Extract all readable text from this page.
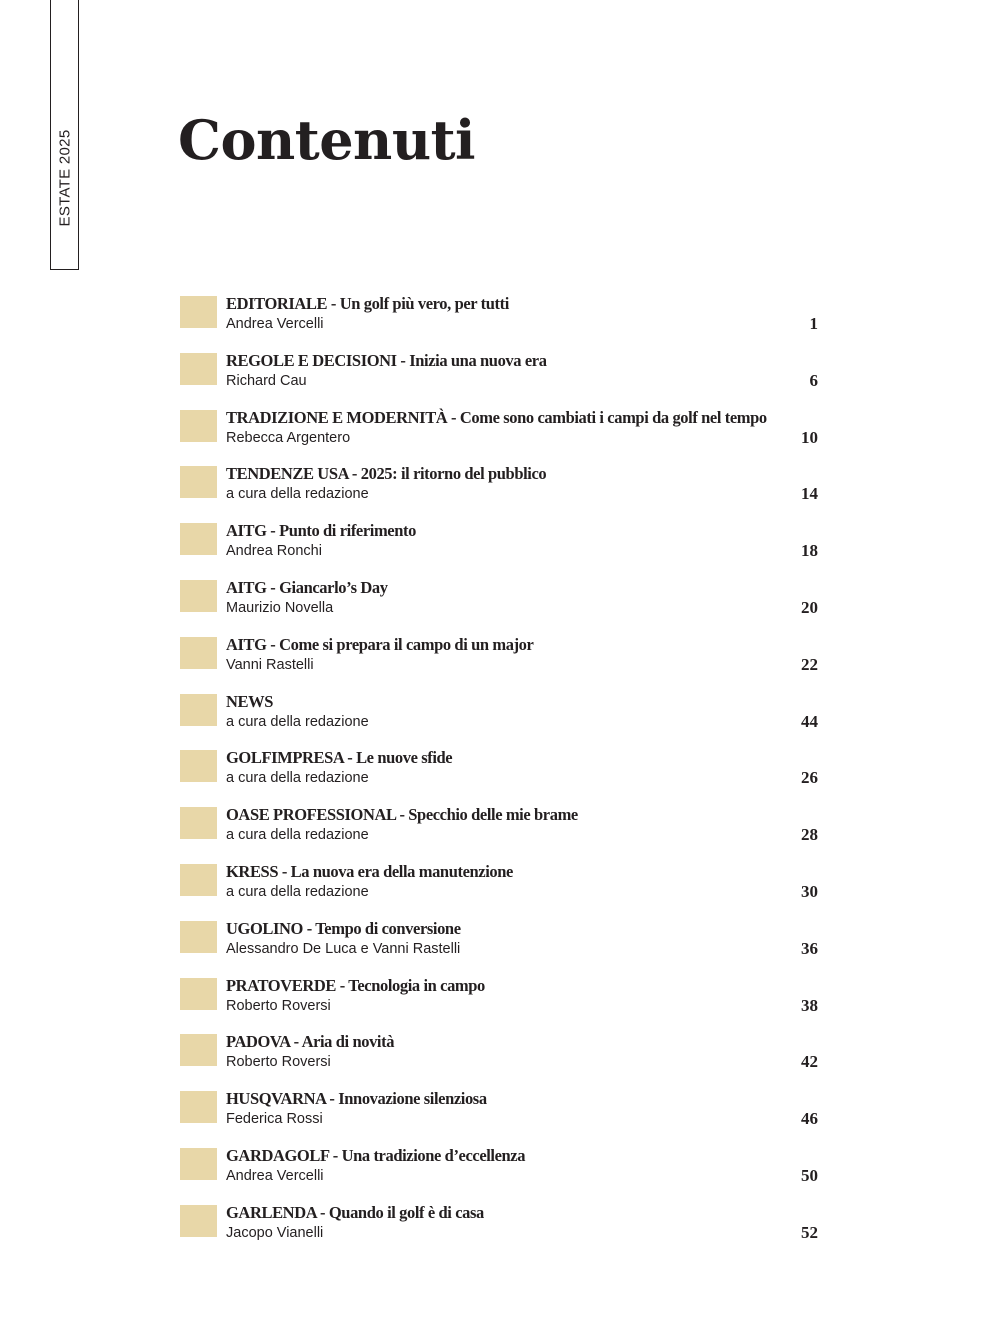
ESTATE 2025 Contenuti
EDITORIALE - Un golf più vero, per tutti
Andrea Vercelli	1
REGOLE E DECISIONI - Inizia una nuova era
Richard Cau	6
TRADIZIONE E MODERNITÀ - Come sono cambiati i campi da golf nel tempo
Rebecca Argentero	10
TENDENZE USA - 2025: il ritorno del pubblico
a cura della redazione	14
AITG - Punto di riferimento
Andrea Ronchi	18
AITG - Giancarlo’s Day
Maurizio Novella	20
AITG - Come si prepara il campo di un major
Vanni Rastelli	22
NEWS
a cura della redazione	44
GOLFIMPRESA - Le nuove sfide
a cura della redazione	26
OASE PROFESSIONAL - Specchio delle mie brame
a cura della redazione	28
KRESS - La nuova era della manutenzione
a cura della redazione	30
UGOLINO - Tempo di conversione
Alessandro De Luca e Vanni Rastelli	36
PRATOVERDE - Tecnologia in campo
Roberto Roversi	38
PADOVA - Aria di novità
Roberto Roversi	42
HUSQVARNA - Innovazione silenziosa
Federica Rossi	46
GARDAGOLF - Una tradizione d’eccellenza
Andrea Vercelli	50
GARLENDA - Quando il golf è di casa
Jacopo Vianelli	52
